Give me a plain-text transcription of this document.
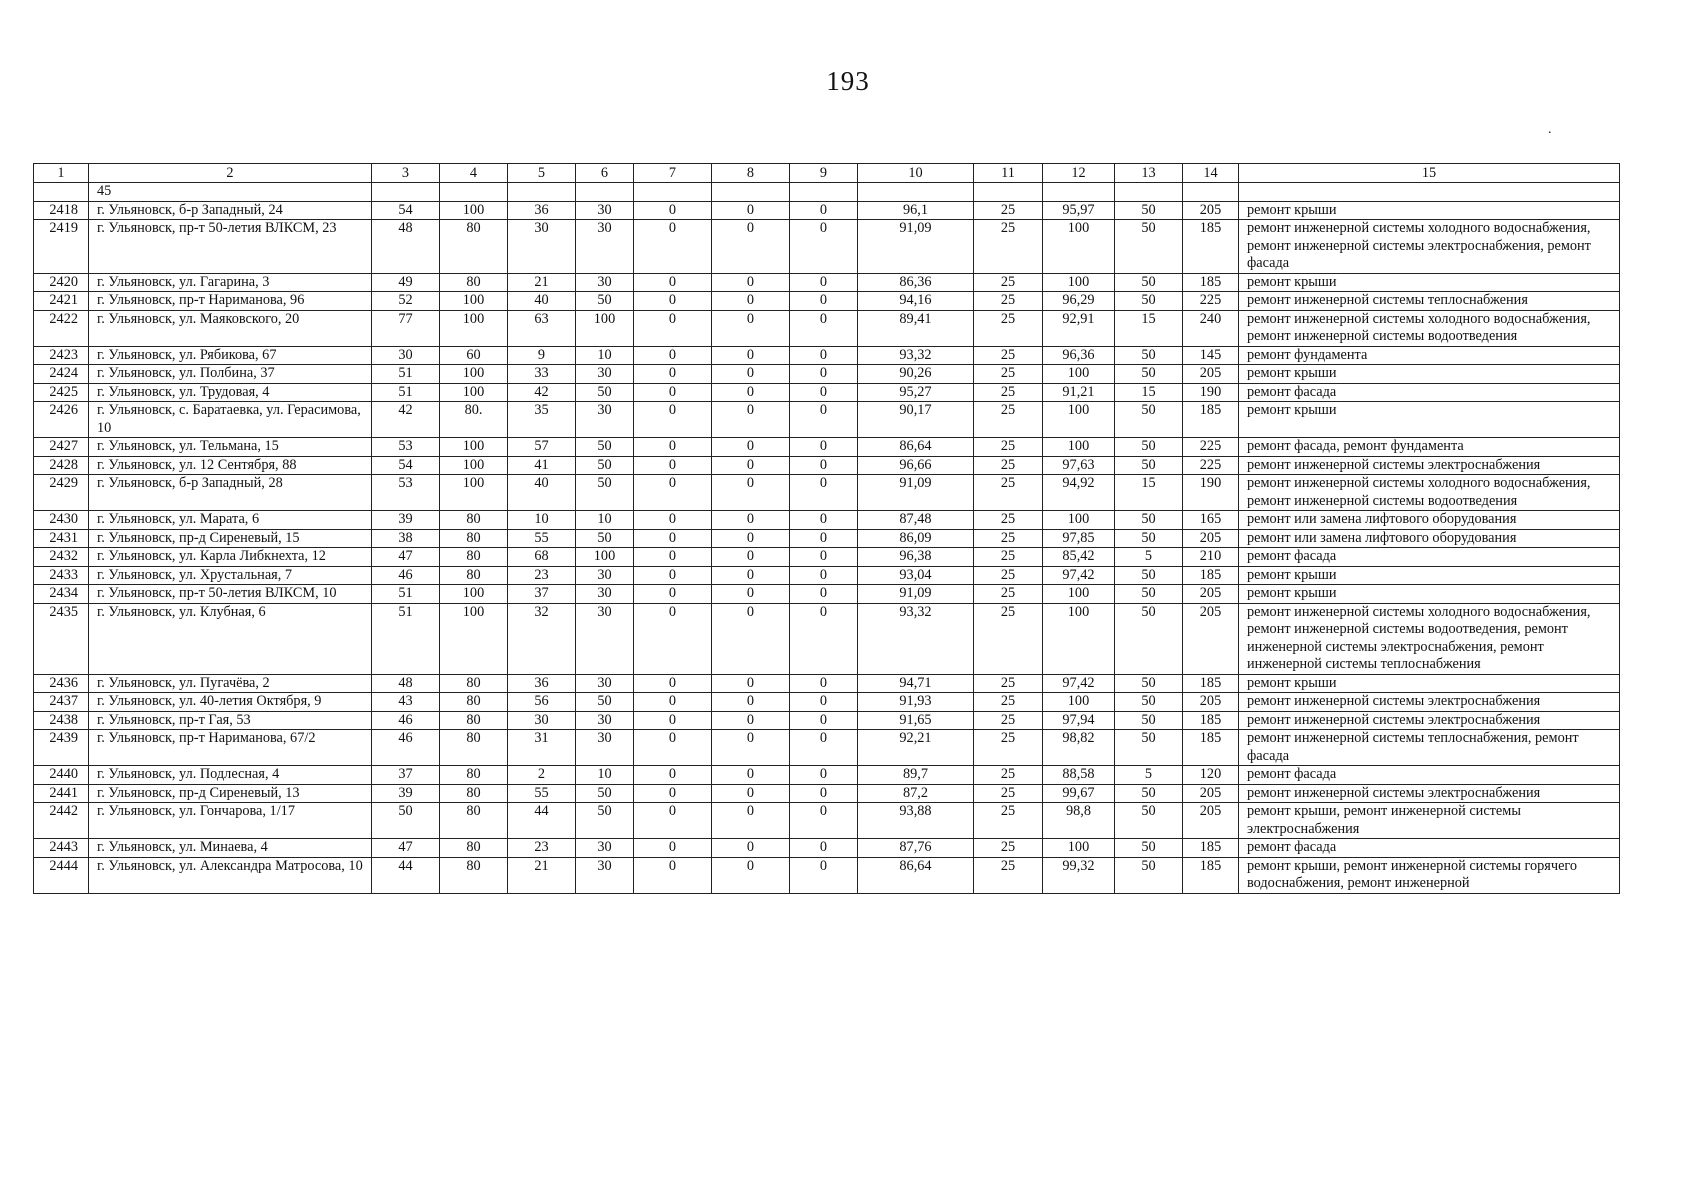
193
.
1	2	3	4	5	6	7	8	9	10	11	12	13	14	15
	45													
2418	г. Ульяновск, б-р Западный, 24	54	100	36	30	0	0	0	96,1	25	95,97	50	205	ремонт крыши
2419	г. Ульяновск, пр-т 50-летия ВЛКСМ, 23	48	80	30	30	0	0	0	91,09	25	100	50	185	ремонт инженерной системы холодного водоснабжения, ремонт инженерной системы электроснабжения, ремонт фасада
2420	г. Ульяновск, ул. Гагарина, 3	49	80	21	30	0	0	0	86,36	25	100	50	185	ремонт крыши
2421	г. Ульяновск, пр-т Нариманова, 96	52	100	40	50	0	0	0	94,16	25	96,29	50	225	ремонт инженерной системы теплоснабжения
2422	г. Ульяновск, ул. Маяковского, 20	77	100	63	100	0	0	0	89,41	25	92,91	15	240	ремонт инженерной системы холодного водоснабжения, ремонт инженерной системы водоотведения
2423	г. Ульяновск, ул. Рябикова, 67	30	60	9	10	0	0	0	93,32	25	96,36	50	145	ремонт фундамента
2424	г. Ульяновск, ул. Полбина, 37	51	100	33	30	0	0	0	90,26	25	100	50	205	ремонт крыши
2425	г. Ульяновск, ул. Трудовая, 4	51	100	42	50	0	0	0	95,27	25	91,21	15	190	ремонт фасада
2426	г. Ульяновск, с. Баратаевка, ул. Герасимова, 10	42	80.	35	30	0	0	0	90,17	25	100	50	185	ремонт крыши
2427	г. Ульяновск, ул. Тельмана, 15	53	100	57	50	0	0	0	86,64	25	100	50	225	ремонт фасада, ремонт фундамента
2428	г. Ульяновск, ул. 12 Сентября, 88	54	100	41	50	0	0	0	96,66	25	97,63	50	225	ремонт инженерной системы электроснабжения
2429	г. Ульяновск, б-р Западный, 28	53	100	40	50	0	0	0	91,09	25	94,92	15	190	ремонт инженерной системы холодного водоснабжения, ремонт инженерной системы водоотведения
2430	г. Ульяновск, ул. Марата, 6	39	80	10	10	0	0	0	87,48	25	100	50	165	ремонт или замена лифтового оборудования
2431	г. Ульяновск, пр-д Сиреневый, 15	38	80	55	50	0	0	0	86,09	25	97,85	50	205	ремонт или замена лифтового оборудования
2432	г. Ульяновск, ул. Карла Либкнехта, 12	47	80	68	100	0	0	0	96,38	25	85,42	5	210	ремонт фасада
2433	г. Ульяновск, ул. Хрустальная, 7	46	80	23	30	0	0	0	93,04	25	97,42	50	185	ремонт крыши
2434	г. Ульяновск, пр-т 50-летия ВЛКСМ, 10	51	100	37	30	0	0	0	91,09	25	100	50	205	ремонт крыши
2435	г. Ульяновск, ул. Клубная, 6	51	100	32	30	0	0	0	93,32	25	100	50	205	ремонт инженерной системы холодного водоснабжения, ремонт инженерной системы водоотведения, ремонт инженерной системы электроснабжения, ремонт инженерной системы теплоснабжения
2436	г. Ульяновск, ул. Пугачёва, 2	48	80	36	30	0	0	0	94,71	25	97,42	50	185	ремонт крыши
2437	г. Ульяновск, ул. 40-летия Октября, 9	43	80	56	50	0	0	0	91,93	25	100	50	205	ремонт инженерной системы электроснабжения
2438	г. Ульяновск, пр-т Гая, 53	46	80	30	30	0	0	0	91,65	25	97,94	50	185	ремонт инженерной системы электроснабжения
2439	г. Ульяновск, пр-т Нариманова, 67/2	46	80	31	30	0	0	0	92,21	25	98,82	50	185	ремонт инженерной системы теплоснабжения, ремонт фасада
2440	г. Ульяновск, ул. Подлесная, 4	37	80	2	10	0	0	0	89,7	25	88,58	5	120	ремонт фасада
2441	г. Ульяновск, пр-д Сиреневый, 13	39	80	55	50	0	0	0	87,2	25	99,67	50	205	ремонт инженерной системы электроснабжения
2442	г. Ульяновск, ул. Гончарова, 1/17	50	80	44	50	0	0	0	93,88	25	98,8	50	205	ремонт крыши, ремонт инженерной системы электроснабжения
2443	г. Ульяновск, ул. Минаева, 4	47	80	23	30	0	0	0	87,76	25	100	50	185	ремонт фасада
2444	г. Ульяновск, ул. Александра Матросова, 10	44	80	21	30	0	0	0	86,64	25	99,32	50	185	ремонт крыши, ремонт инженерной системы горячего водоснабжения, ремонт инженерной
